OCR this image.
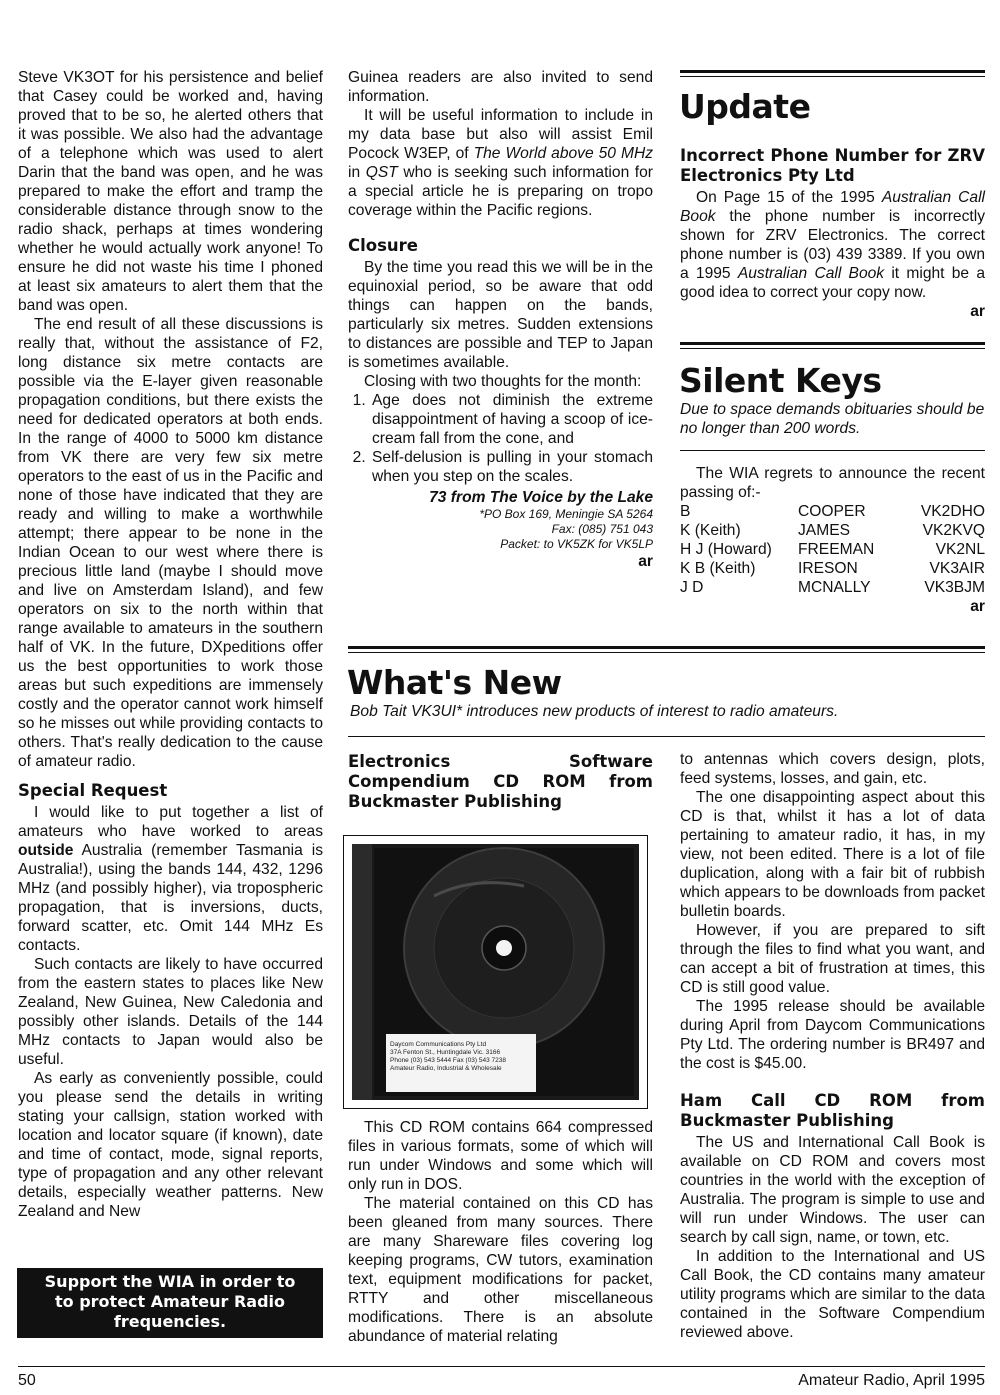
Steve VK3OT for his persistence and belief that Casey could be worked and, having proved that to be so, he alerted others that it was possible. We also had the advantage of a telephone which was used to alert Darin that the band was open, and he was prepared to make the effort and tramp the considerable distance through snow to the radio shack, perhaps at times wondering whether he would actually work anyone! To ensure he did not waste his time I phoned at least six amateurs to alert them that the band was open.

The end result of all these discussions is really that, without the assistance of F2, long distance six metre contacts are possible via the E-layer given reasonable propagation conditions, but there exists the need for dedicated operators at both ends. In the range of 4000 to 5000 km distance from VK there are very few six metre operators to the east of us in the Pacific and none of those have indicated that they are ready and willing to make a worthwhile attempt; there appear to be none in the Indian Ocean to our west where there is precious little land (maybe I should move and live on Amsterdam Island), and few operators on six to the north within that range available to amateurs in the southern half of VK. In the future, DXpeditions offer us the best opportunities to work those areas but such expeditions are immensely costly and the operator cannot work himself so he misses out while providing contacts to others. That's really dedication to the cause of amateur radio.

Special Request

I would like to put together a list of amateurs who have worked to areas outside Australia (remember Tasmania is Australia!), using the bands 144, 432, 1296 MHz (and possibly higher), via tropospheric propagation, that is inversions, ducts, forward scatter, etc. Omit 144 MHz Es contacts.

Such contacts are likely to have occurred from the eastern states to places like New Zealand, New Guinea, New Caledonia and possibly other islands. Details of the 144 MHz contacts to Japan would also be useful.

As early as conveniently possible, could you please send the details in writing stating your callsign, station worked with location and locator square (if known), date and time of contact, mode, signal reports, type of propagation and any other relevant details, especially weather patterns. New Zealand and New

Support the WIA in order to
to protect Amateur Radio
frequencies.

Guinea readers are also invited to send information.

It will be useful information to include in my data base but also will assist Emil Pocock W3EP, of The World above 50 MHz in QST who is seeking such information for a special article he is preparing on tropo coverage within the Pacific regions.

Closure

By the time you read this we will be in the equinoxial period, so be aware that odd things can happen on the bands, particularly six metres. Sudden extensions to distances are possible and TEP to Japan is sometimes available.

Closing with two thoughts for the month:

1. Age does not diminish the extreme disappointment of having a scoop of ice-cream fall from the cone, and
2. Self-delusion is pulling in your stomach when you step on the scales.
73 from The Voice by the Lake
*PO Box 169, Meningie SA 5264
Fax: (085) 751 043
Packet: to VK5ZK for VK5LP
ar
Update
Incorrect Phone Number for ZRV Electronics Pty Ltd

On Page 15 of the 1995 Australian Call Book the phone number is incorrectly shown for ZRV Electronics. The correct phone number is (03) 439 3389. If you own a 1995 Australian Call Book it might be a good idea to correct your copy now.

ar
Silent Keys
Due to space demands obituaries should be no longer than 200 words.

The WIA regrets to announce the recent passing of:-

B	COOPER	VK2DHO
K (Keith)	JAMES	VK2KVQ
H J (Howard)	FREEMAN	VK2NL
K B (Keith)	IRESON	VK3AIR
J D	MCNALLY	VK3BJM
ar
What's New
Bob Tait VK3UI* introduces new products of interest to radio amateurs.
Electronics Software Compendium CD ROM from Buckmaster Publishing
Daycom Communications Pty Ltd
37A Fenton St., Huntingdale Vic. 3166
Phone (03) 543 5444 Fax (03) 543 7238
Amateur Radio, Industrial & Wholesale

This CD ROM contains 664 compressed files in various formats, some of which will run under Windows and some which will only run in DOS.

The material contained on this CD has been gleaned from many sources. There are many Shareware files covering log keeping programs, CW tutors, examination text, equipment modifications for packet, RTTY and other miscellaneous modifications. There is an absolute abundance of material relating

to antennas which covers design, plots, feed systems, losses, and gain, etc.

The one disappointing aspect about this CD is that, whilst it has a lot of data pertaining to amateur radio, it has, in my view, not been edited. There is a lot of file duplication, along with a fair bit of rubbish which appears to be downloads from packet bulletin boards.

However, if you are prepared to sift through the files to find what you want, and can accept a bit of frustration at times, this CD is still good value.

The 1995 release should be available during April from Daycom Communications Pty Ltd. The ordering number is BR497 and the cost is $45.00.

Ham Call CD ROM from Buckmaster Publishing

The US and International Call Book is available on CD ROM and covers most countries in the world with the exception of Australia. The program is simple to use and will run under Windows. The user can search by call sign, name, or town, etc.

In addition to the International and US Call Book, the CD contains many amateur utility programs which are similar to the data contained in the Software Compendium reviewed above.

50	Amateur Radio, April 1995
